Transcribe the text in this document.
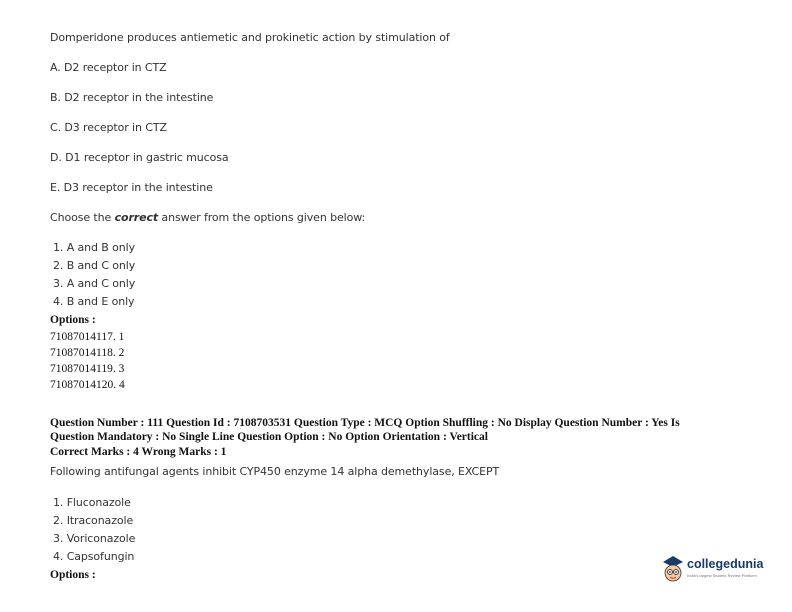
Domperidone produces antiemetic and prokinetic action by stimulation of
A. D2 receptor in CTZ
B. D2 receptor in the intestine
C. D3 receptor in CTZ
D. D1 receptor in gastric mucosa
E. D3 receptor in the intestine
Choose the correct answer from the options given below:
1. A and B only
2. B and C only
3. A and C only
4. B and E only
Options :
71087014117. 1
71087014118. 2
71087014119. 3
71087014120. 4
Question Number : 111 Question Id : 7108703531 Question Type : MCQ Option Shuffling : No Display Question Number : Yes Is
Question Mandatory : No Single Line Question Option : No Option Orientation : Vertical
Correct Marks : 4 Wrong Marks : 1
Following antifungal agents inhibit CYP450 enzyme 14 alpha demethylase, EXCEPT
1. Fluconazole
2. Itraconazole
3. Voriconazole
4. Capsofungin
Options :
collegedunia
India's largest Student Review Platform
